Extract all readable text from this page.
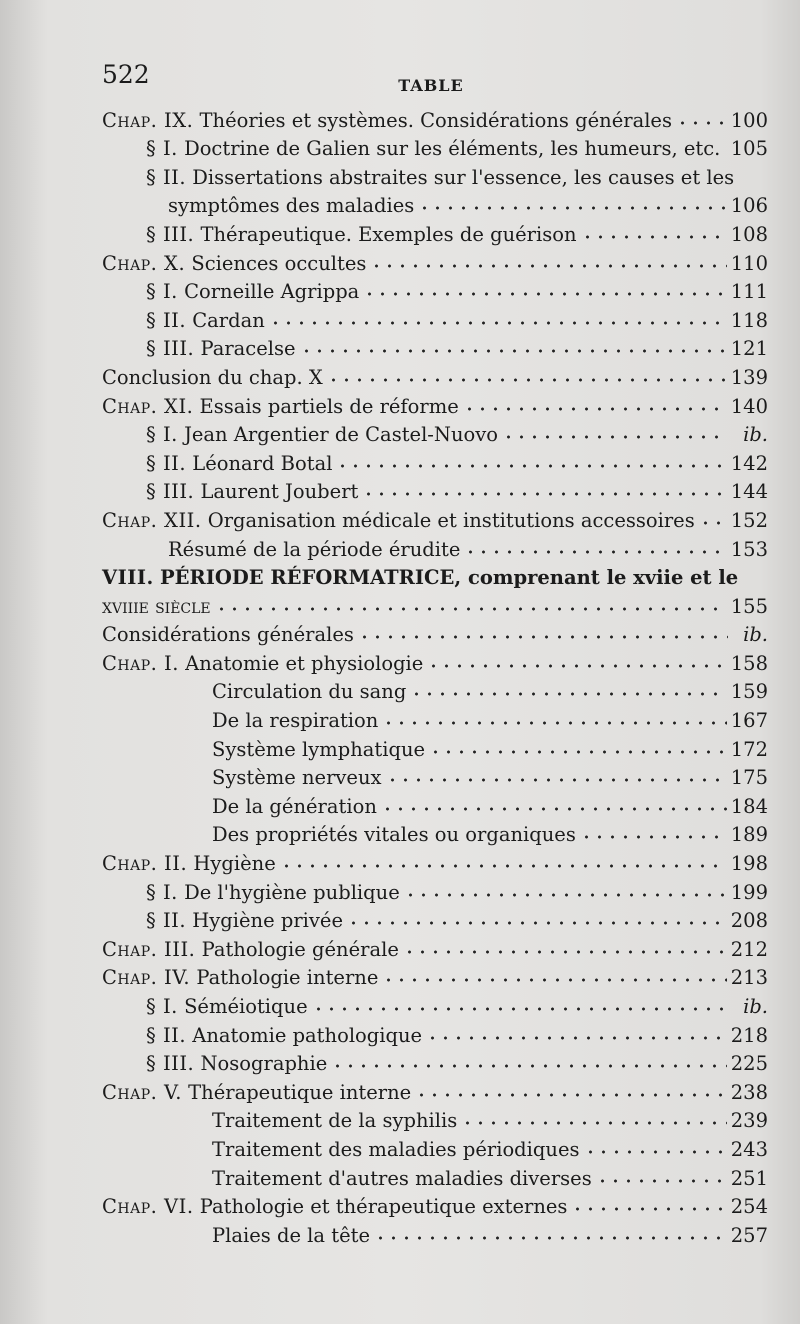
522	TABLE
Chap. IX. Théories et systèmes. Considérations générales	100
§ I. Doctrine de Galien sur les éléments, les humeurs, etc. 105
§ II. Dissertations abstraites sur l'essence, les causes et les
symptômes des maladies	106
§ III. Thérapeutique. Exemples de guérison	108
Chap. X. Sciences occultes	110
§ I. Corneille Agrippa	111
§ II. Cardan	118
§ III. Paracelse	121
Conclusion du chap. X	139
Chap. XI. Essais partiels de réforme	140
§ I. Jean Argentier de Castel-Nuovo	ib.
§ II. Léonard Botal	142
§ III. Laurent Joubert	144
Chap. XII. Organisation médicale et institutions accessoires 152
Résumé de la période érudite	153
VIII. PÉRIODE RÉFORMATRICE, comprenant le xviie et le
xviiie siècle	155
Considérations générales	ib.
Chap. I. Anatomie et physiologie	158
Circulation du sang	159
De la respiration	167
Système lymphatique	172
Système nerveux	175
De la génération	184
Des propriétés vitales ou organiques	189
Chap. II. Hygiène	198
§ I. De l'hygiène publique	199
§ II. Hygiène privée	208
Chap. III. Pathologie générale	212
Chap. IV. Pathologie interne	213
§ I. Séméiotique	ib.
§ II. Anatomie pathologique	218
§ III. Nosographie	225
Chap. V. Thérapeutique interne	238
Traitement de la syphilis	239
Traitement des maladies périodiques	243
Traitement d'autres maladies diverses	251
Chap. VI. Pathologie et thérapeutique externes	254
Plaies de la tête	257
